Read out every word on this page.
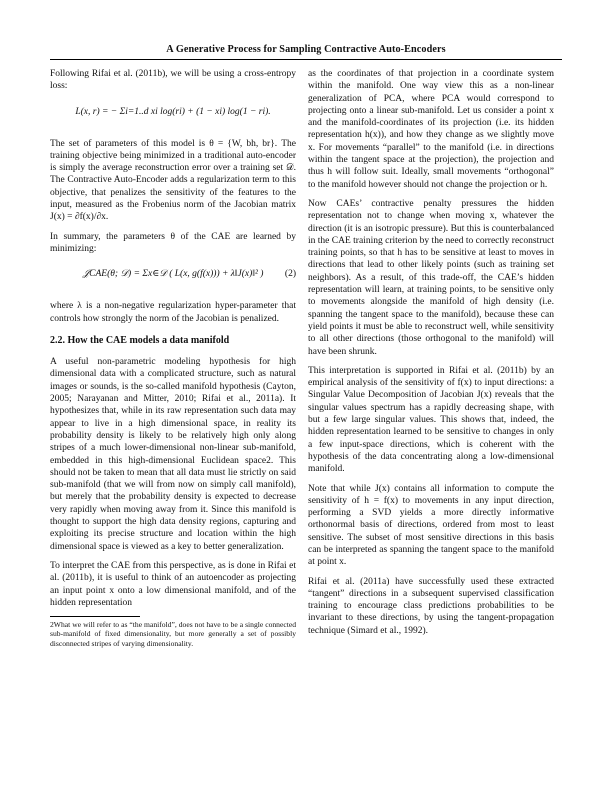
A Generative Process for Sampling Contractive Auto-Encoders

Following Rifai et al. (2011b), we will be using a cross-entropy loss:

L(x, r) = − Σi=1..d xi log(ri) + (1 − xi) log(1 − ri).

The set of parameters of this model is θ = {W, bh, br}. The training objective being minimized in a traditional auto-encoder is simply the average reconstruction error over a training set 𝒟. The Contractive Auto-Encoder adds a regularization term to this objective, that penalizes the sensitivity of the features to the input, measured as the Frobenius norm of the Jacobian matrix J(x) = ∂f(x)/∂x.

In summary, the parameters θ of the CAE are learned by minimizing:

𝒥CAE(θ; 𝒟) = Σx∈𝒟 ( L(x, g(f(x))) + λ‖J(x)‖² )	(2)

where λ is a non-negative regularization hyper-parameter that controls how strongly the norm of the Jacobian is penalized.

2.2. How the CAE models a data manifold

A useful non-parametric modeling hypothesis for high dimensional data with a complicated structure, such as natural images or sounds, is the so-called manifold hypothesis (Cayton, 2005; Narayanan and Mitter, 2010; Rifai et al., 2011a). It hypothesizes that, while in its raw representation such data may appear to live in a high dimensional space, in reality its probability density is likely to be relatively high only along stripes of a much lower-dimensional non-linear sub-manifold, embedded in this high-dimensional Euclidean space2. This should not be taken to mean that all data must lie strictly on said sub-manifold (that we will from now on simply call manifold), but merely that the probability density is expected to decrease very rapidly when moving away from it. Since this manifold is thought to support the high data density regions, capturing and exploiting its precise structure and location within the high dimensional space is viewed as a key to better generalization.

To interpret the CAE from this perspective, as is done in Rifai et al. (2011b), it is useful to think of an autoencoder as projecting an input point x onto a low dimensional manifold, and of the hidden representation

2What we will refer to as “the manifold”, does not have to be a single connected sub-manifold of fixed dimensionality, but more generally a set of possibly disconnected stripes of varying dimensionality.

as the coordinates of that projection in a coordinate system within the manifold. One way view this as a non-linear generalization of PCA, where PCA would correspond to projecting onto a linear sub-manifold. Let us consider a point x and the manifold-coordinates of its projection (i.e. its hidden representation h(x)), and how they change as we slightly move x. For movements “parallel” to the manifold (i.e. in directions within the tangent space at the projection), the projection and thus h will follow suit. Ideally, small movements “orthogonal” to the manifold however should not change the projection or h.

Now CAEs’ contractive penalty pressures the hidden representation not to change when moving x, whatever the direction (it is an isotropic pressure). But this is counterbalanced in the CAE training criterion by the need to correctly reconstruct training points, so that h has to be sensitive at least to moves in directions that lead to other likely points (such as training set neighbors). As a result, of this trade-off, the CAE’s hidden representation will learn, at training points, to be sensitive only to movements alongside the manifold of high density (i.e. spanning the tangent space to the manifold), because these can yield points it must be able to reconstruct well, while sensitivity to all other directions (those orthogonal to the manifold) will have been shrunk.

This interpretation is supported in Rifai et al. (2011b) by an empirical analysis of the sensitivity of f(x) to input directions: a Singular Value Decomposition of Jacobian J(x) reveals that the singular values spectrum has a rapidly decreasing shape, with but a few large singular values. This shows that, indeed, the hidden representation learned to be sensitive to changes in only a few input-space directions, which is coherent with the hypothesis of the data concentrating along a low-dimensional manifold.

Note that while J(x) contains all information to compute the sensitivity of h = f(x) to movements in any input direction, performing a SVD yields a more directly informative orthonormal basis of directions, ordered from most to least sensitive. The subset of most sensitive directions in this basis can be interpreted as spanning the tangent space to the manifold at point x.

Rifai et al. (2011a) have successfully used these extracted “tangent” directions in a subsequent supervised classification training to encourage class predictions probabilities to be invariant to these directions, by using the tangent-propagation technique (Simard et al., 1992).
